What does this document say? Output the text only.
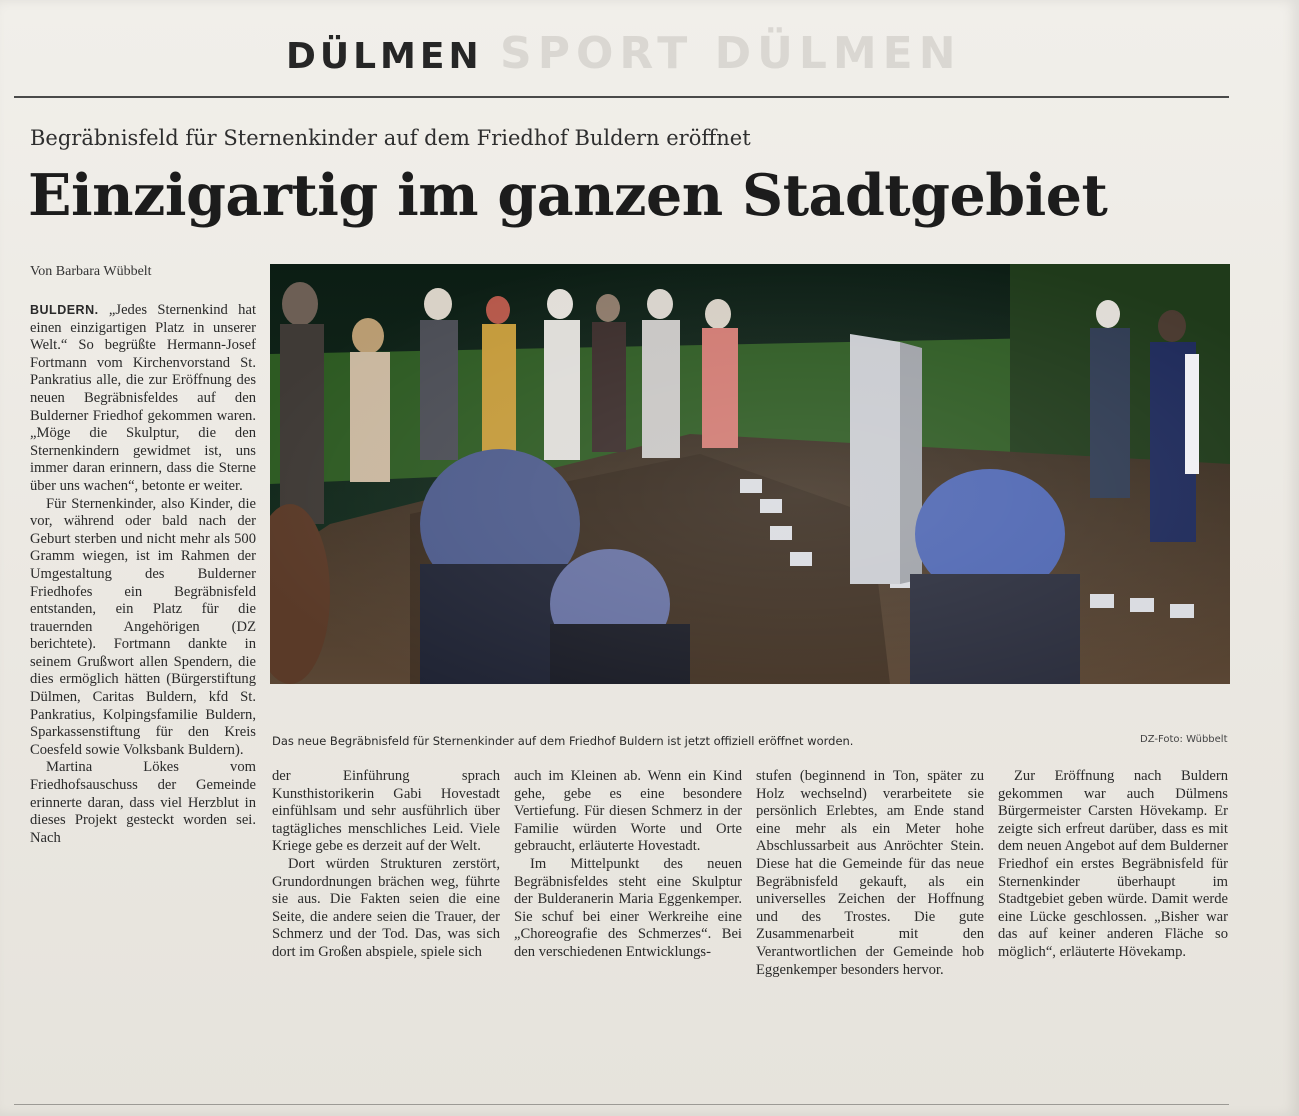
SPORT DÜLMEN
DÜLMEN
Begräbnisfeld für Sternenkinder auf dem Friedhof Buldern eröffnet
Einzigartig im ganzen Stadtgebiet
Von Barbara Wübbelt
Das neue Begräbnisfeld für Sternenkinder auf dem Friedhof Buldern ist jetzt offiziell eröffnet worden.	DZ-Foto: Wübbelt

BULDERN. „Jedes Sternenkind hat einen einzigartigen Platz in unserer Welt.“ So begrüßte Hermann-Josef Fortmann vom Kirchenvorstand St. Pankratius alle, die zur Eröffnung des neuen Begräbnisfeldes auf den Bulderner Friedhof gekommen waren. „Möge die Skulptur, die den Sternenkindern gewidmet ist, uns immer daran erinnern, dass die Sterne über uns wachen“, betonte er weiter.

Für Sternenkinder, also Kinder, die vor, während oder bald nach der Geburt sterben und nicht mehr als 500 Gramm wiegen, ist im Rahmen der Umgestaltung des Bulderner Friedhofes ein Begräbnisfeld entstanden, ein Platz für die trauernden Angehörigen (DZ berichtete). Fortmann dankte in seinem Grußwort allen Spendern, die dies ermöglich hätten (Bürgerstiftung Dülmen, Caritas Buldern, kfd St. Pankratius, Kolpingsfamilie Buldern, Sparkassenstiftung für den Kreis Coesfeld sowie Volksbank Buldern).

Martina Lökes vom Friedhofsauschuss der Gemeinde erinnerte daran, dass viel Herzblut in dieses Projekt gesteckt worden sei. Nach

der Einführung sprach Kunsthistorikerin Gabi Hovestadt einfühlsam und sehr ausführlich über tagtägliches menschliches Leid. Viele Kriege gebe es derzeit auf der Welt.

Dort würden Strukturen zerstört, Grundordnungen brächen weg, führte sie aus. Die Fakten seien die eine Seite, die andere seien die Trauer, der Schmerz und der Tod. Das, was sich dort im Großen abspiele, spiele sich

auch im Kleinen ab. Wenn ein Kind gehe, gebe es eine besondere Vertiefung. Für diesen Schmerz in der Familie würden Worte und Orte gebraucht, erläuterte Hovestadt.

Im Mittelpunkt des neuen Begräbnisfeldes steht eine Skulptur der Bulderanerin Maria Eggenkemper. Sie schuf bei einer Werkreihe eine „Choreografie des Schmerzes“. Bei den verschiedenen Entwicklungs-

stufen (beginnend in Ton, später zu Holz wechselnd) verarbeitete sie persönlich Erlebtes, am Ende stand eine mehr als ein Meter hohe Abschlussarbeit aus Anröchter Stein. Diese hat die Gemeinde für das neue Begräbnisfeld gekauft, als ein universelles Zeichen der Hoffnung und des Trostes. Die gute Zusammenarbeit mit den Verantwortlichen der Gemeinde hob Eggenkemper besonders hervor.

Zur Eröffnung nach Buldern gekommen war auch Dülmens Bürgermeister Carsten Hövekamp. Er zeigte sich erfreut darüber, dass es mit dem neuen Angebot auf dem Bulderner Friedhof ein erstes Begräbnisfeld für Sternenkinder überhaupt im Stadtgebiet geben würde. Damit werde eine Lücke geschlossen. „Bisher war das auf keiner anderen Fläche so möglich“, erläuterte Hövekamp.
